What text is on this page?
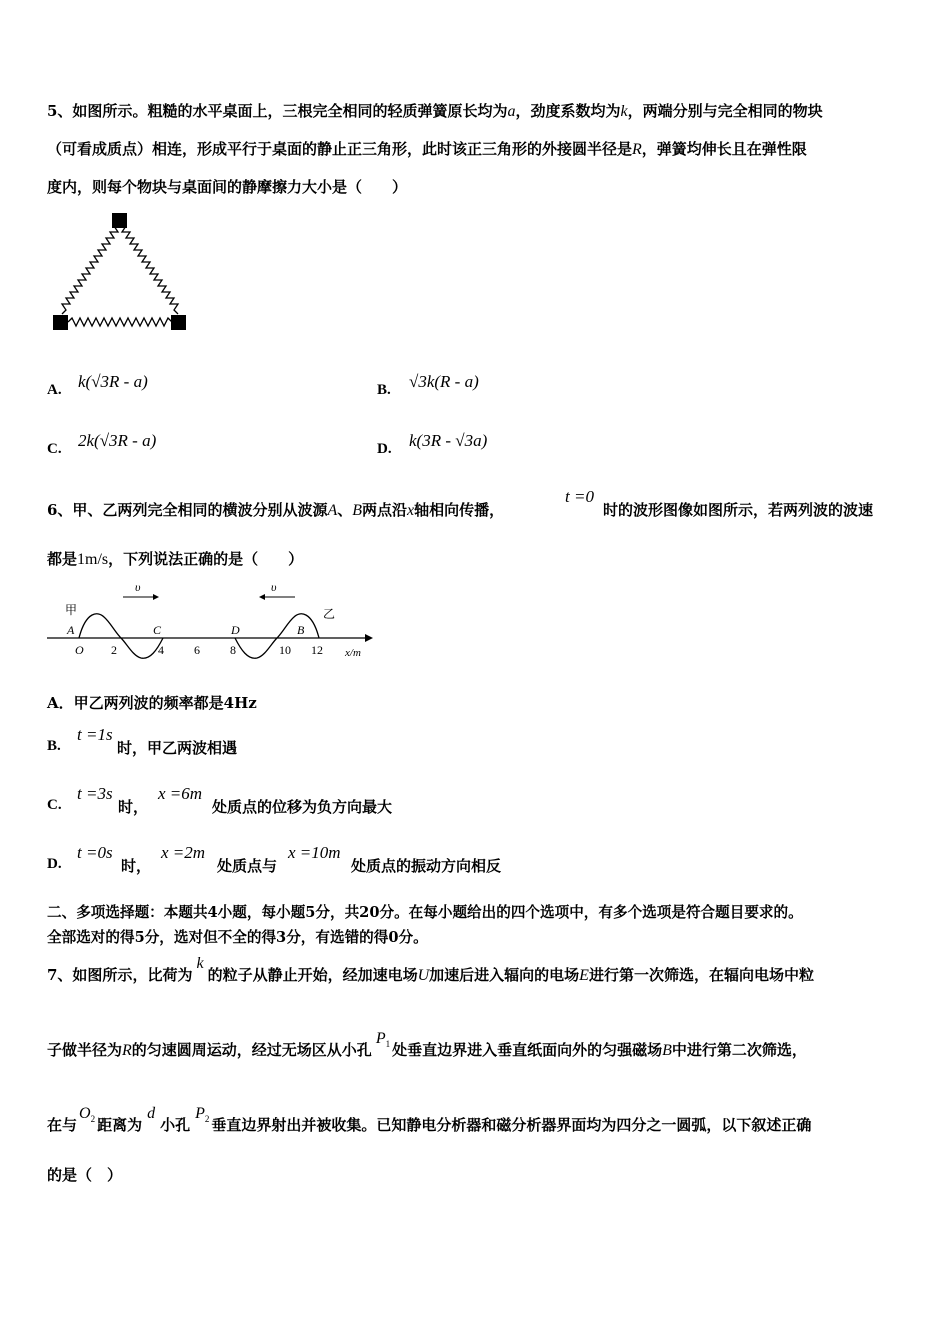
5、如图所示。粗糙的水平桌面上，三根完全相同的轻质弹簧原长均为a，劲度系数均为k，两端分别与完全相同的物块
（可看成质点）相连，形成平行于桌面的静止正三角形，此时该正三角形的外接圆半径是R，弹簧均伸长且在弹性限
度内，则每个物块与桌面间的静摩擦力大小是（　　）
A. k(√3R - a)	B. √3k(R - a)
C. 2k(√3R - a)	D. k(3R - √3a)
6、甲、乙两列完全相同的横波分别从波源A、B两点沿x轴相向传播，
t =0
时的波形图像如图所示，若两列波的波速
都是1m/s，下列说法正确的是（　　）
υ	υ
甲	乙
A	C	D	B
O 2	4	6	8	10 12 x/m
A．甲乙两列波的频率都是4Hz
B.
t =1s
时，甲乙两波相遇
C.
t =3s
时，
x =6m
处质点的位移为负方向最大
D.
t =0s
时，
x =2m
处质点与
x =10m
处质点的振动方向相反
二、多项选择题：本题共4小题，每小题5分，共20分。在每小题给出的四个选项中，有多个选项是符合题目要求的。
全部选对的得5分，选对但不全的得3分，有选错的得0分。
7、如图所示，比荷为k的粒子从静止开始，经加速电场U加速后进入辐向的电场E进行第一次筛选，在辐向电场中粒
子做半径为R的匀速圆周运动，经过无场区从小孔$P_1$ 处垂直边界进入垂直纸面向外的匀强磁场B中进行第二次筛选，
在与$O_2$ 距离为d小孔$P_2$ 垂直边界射出并被收集。已知静电分析器和磁分析器界面均为四分之一圆弧，以下叙述正确
的是（　）
